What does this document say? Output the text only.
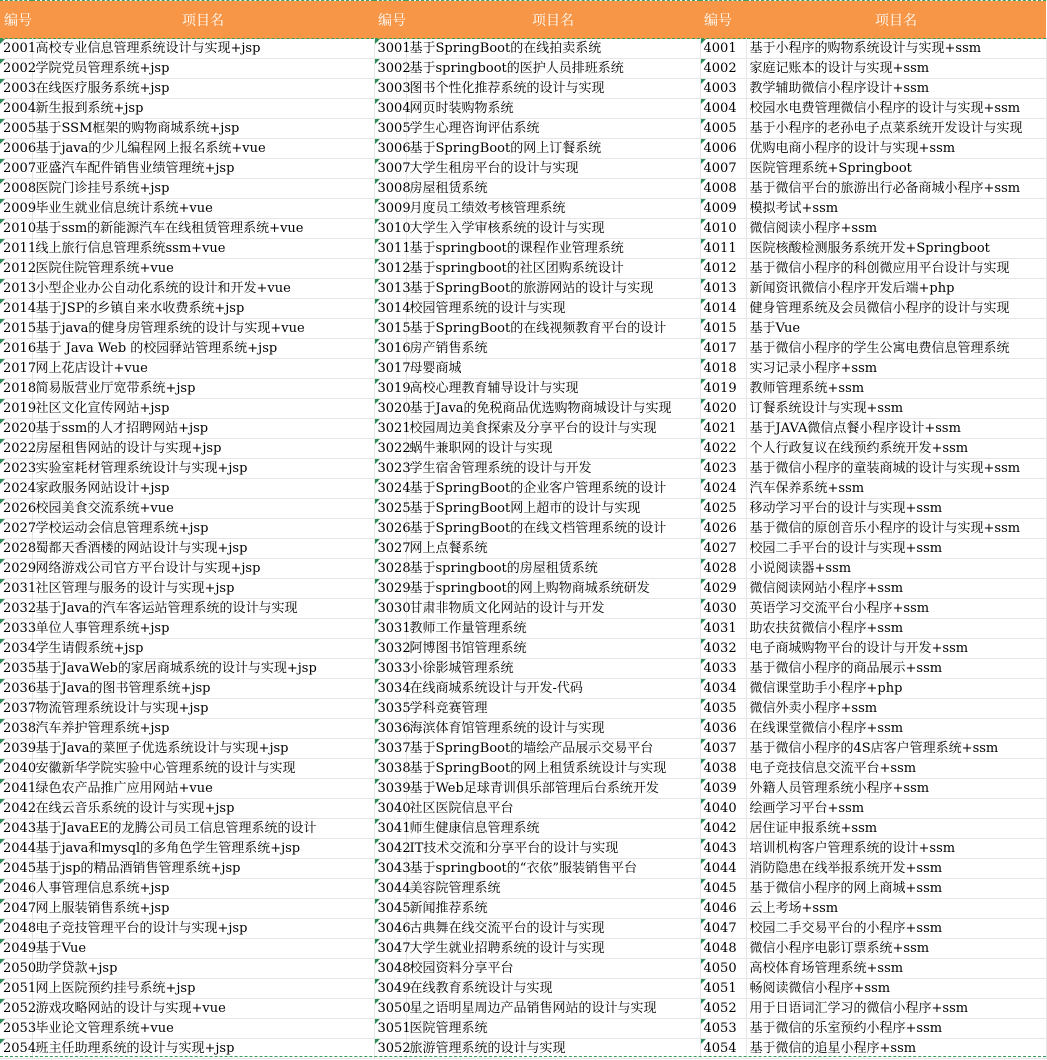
编号	项目名	编号	项目名	编号	项目名
2001	高校专业信息管理系统设计与实现+jsp	3001	基于SpringBoot的在线拍卖系统	4001	基于小程序的购物系统设计与实现+ssm
2002	学院党员管理系统+jsp	3002	基于springboot的医护人员排班系统	4002	家庭记账本的设计与实现+ssm
2003	在线医疗服务系统+jsp	3003	图书个性化推荐系统的设计与实现	4003	教学辅助微信小程序设计+ssm
2004	新生报到系统+jsp	3004	网页时装购物系统	4004	校园水电费管理微信小程序的设计与实现+ssm
2005	基于SSM框架的购物商城系统+jsp	3005	学生心理咨询评估系统	4005	基于小程序的老孙电子点菜系统开发设计与实现
2006	基于java的少儿编程网上报名系统+vue	3006	基于SpringBoot的网上订餐系统	4006	优购电商小程序的设计与实现+ssm
2007	亚盛汽车配件销售业绩管理统+jsp	3007	大学生租房平台的设计与实现	4007	医院管理系统+Springboot
2008	医院门诊挂号系统+jsp	3008	房屋租赁系统	4008	基于微信平台的旅游出行必备商城小程序+ssm
2009	毕业生就业信息统计系统+vue	3009	月度员工绩效考核管理系统	4009	模拟考试+ssm
2010	基于ssm的新能源汽车在线租赁管理系统+vue	3010	大学生入学审核系统的设计与实现	4010	微信阅读小程序+ssm
2011	线上旅行信息管理系统ssm+vue	3011	基于springboot的课程作业管理系统	4011	医院核酸检测服务系统开发+Springboot
2012	医院住院管理系统+vue	3012	基于springboot的社区团购系统设计	4012	基于微信小程序的科创微应用平台设计与实现
2013	小型企业办公自动化系统的设计和开发+vue	3013	基于SpringBoot的旅游网站的设计与实现	4013	新闻资讯微信小程序开发后端+php
2014	基于JSP的乡镇自来水收费系统+jsp	3014	校园管理系统的设计与实现	4014	健身管理系统及会员微信小程序的设计与实现
2015	基于java的健身房管理系统的设计与实现+vue	3015	基于SpringBoot的在线视频教育平台的设计	4015	基于Vue
2016	基于 Java Web 的校园驿站管理系统+jsp	3016	房产销售系统	4017	基于微信小程序的学生公寓电费信息管理系统
2017	网上花店设计+vue	3017	母婴商城	4018	实习记录小程序+ssm
2018	简易版营业厅宽带系统+jsp	3019	高校心理教育辅导设计与实现	4019	教师管理系统+ssm
2019	社区文化宣传网站+jsp	3020	基于Java的免税商品优选购物商城设计与实现	4020	订餐系统设计与实现+ssm
2020	基于ssm的人才招聘网站+jsp	3021	校园周边美食探索及分享平台的设计与实现	4021	基于JAVA微信点餐小程序设计+ssm
2022	房屋租售网站的设计与实现+jsp	3022	蜗牛兼职网的设计与实现	4022	个人行政复议在线预约系统开发+ssm
2023	实验室耗材管理系统设计与实现+jsp	3023	学生宿舍管理系统的设计与开发	4023	基于微信小程序的童装商城的设计与实现+ssm
2024	家政服务网站设计+jsp	3024	基于SpringBoot的企业客户管理系统的设计	4024	汽车保养系统+ssm
2026	校园美食交流系统+vue	3025	基于SpringBoot网上超市的设计与实现	4025	移动学习平台的设计与实现+ssm
2027	学校运动会信息管理系统+jsp	3026	基于SpringBoot的在线文档管理系统的设计	4026	基于微信的原创音乐小程序的设计与实现+ssm
2028	蜀都天香酒楼的网站设计与实现+jsp	3027	网上点餐系统	4027	校园二手平台的设计与实现+ssm
2029	网络游戏公司官方平台设计与实现+jsp	3028	基于springboot的房屋租赁系统	4028	小说阅读器+ssm
2031	社区管理与服务的设计与实现+jsp	3029	基于springboot的网上购物商城系统研发	4029	微信阅读网站小程序+ssm
2032	基于Java的汽车客运站管理系统的设计与实现	3030	甘肃非物质文化网站的设计与开发	4030	英语学习交流平台小程序+ssm
2033	单位人事管理系统+jsp	3031	教师工作量管理系统	4031	助农扶贫微信小程序+ssm
2034	学生请假系统+jsp	3032	阿博图书馆管理系统	4032	电子商城购物平台的设计与开发+ssm
2035	基于JavaWeb的家居商城系统的设计与实现+jsp	3033	小徐影城管理系统	4033	基于微信小程序的商品展示+ssm
2036	基于Java的图书管理系统+jsp	3034	在线商城系统设计与开发-代码	4034	微信课堂助手小程序+php
2037	物流管理系统设计与实现+jsp	3035	学科竞赛管理	4035	微信外卖小程序+ssm
2038	汽车养护管理系统+jsp	3036	海滨体育馆管理系统的设计与实现	4036	在线课堂微信小程序+ssm
2039	基于Java的菜匣子优选系统设计与实现+jsp	3037	基于SpringBoot的墙绘产品展示交易平台	4037	基于微信小程序的4S店客户管理系统+ssm
2040	安徽新华学院实验中心管理系统的设计与实现	3038	基于SpringBoot的网上租赁系统设计与实现	4038	电子竞技信息交流平台+ssm
2041	绿色农产品推广应用网站+vue	3039	基于Web足球青训俱乐部管理后台系统开发	4039	外籍人员管理系统小程序+ssm
2042	在线云音乐系统的设计与实现+jsp	3040	社区医院信息平台	4040	绘画学习平台+ssm
2043	基于JavaEE的龙腾公司员工信息管理系统的设计	3041	师生健康信息管理系统	4042	居住证申报系统+ssm
2044	基于java和mysql的多角色学生管理系统+jsp	3042	IT技术交流和分享平台的设计与实现	4043	培训机构客户管理系统的设计+ssm
2045	基于jsp的精品酒销售管理系统+jsp	3043	基于springboot的“衣依”服装销售平台	4044	消防隐患在线举报系统开发+ssm
2046	人事管理信息系统+jsp	3044	美容院管理系统	4045	基于微信小程序的网上商城+ssm
2047	网上服装销售系统+jsp	3045	新闻推荐系统	4046	云上考场+ssm
2048	电子竞技管理平台的设计与实现+jsp	3046	古典舞在线交流平台的设计与实现	4047	校园二手交易平台的小程序+ssm
2049	基于Vue	3047	大学生就业招聘系统的设计与实现	4048	微信小程序电影订票系统+ssm
2050	助学贷款+jsp	3048	校园资料分享平台	4050	高校体育场管理系统+ssm
2051	网上医院预约挂号系统+jsp	3049	在线教育系统设计与实现	4051	畅阅读微信小程序+ssm
2052	游戏攻略网站的设计与实现+vue	3050	星之语明星周边产品销售网站的设计与实现	4052	用于日语词汇学习的微信小程序+ssm
2053	毕业论文管理系统+vue	3051	医院管理系统	4053	基于微信的乐室预约小程序+ssm
2054	班主任助理系统的设计与实现+jsp	3052	旅游管理系统的设计与实现	4054	基于微信的追星小程序+ssm
